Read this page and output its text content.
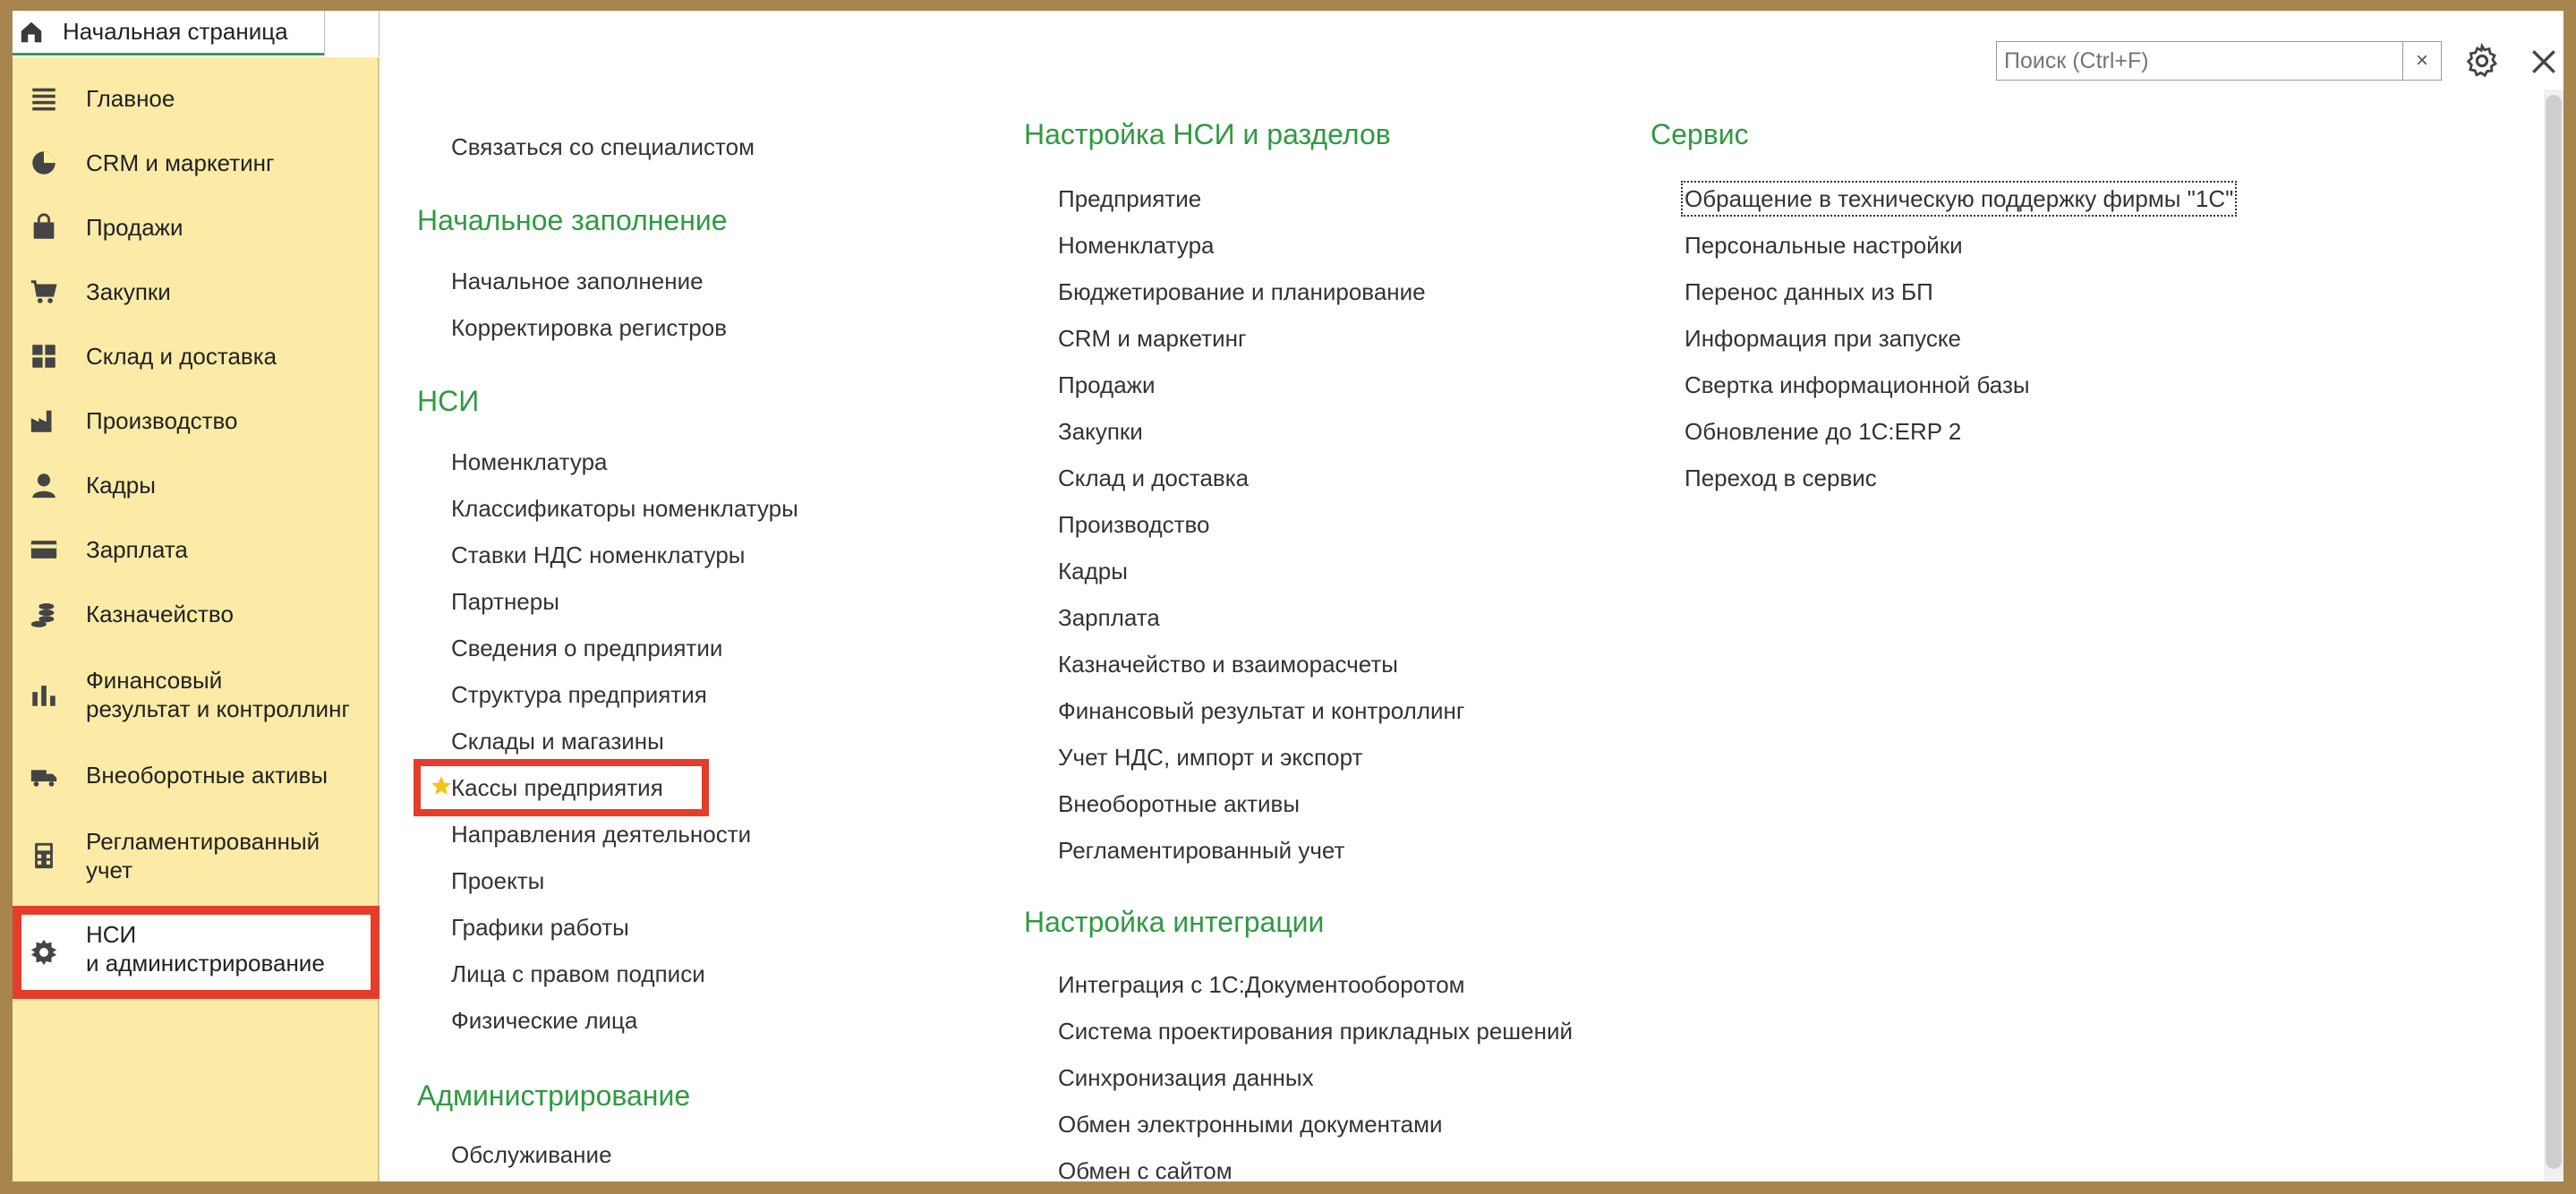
Начальная страница
Главное
CRM и маркетинг
Продажи
Закупки
Склад и доставка
Производство
Кадры
Зарплата
Казначейство
Финансовый
результат и контроллинг
Внеоборотные активы
Регламентированный
учет
НСИ
и администрирование
Поиск (Ctrl+F)
×
Связаться со специалистом
Начальное заполнение
Начальное заполнение
Корректировка регистров
НСИ
Номенклатура
Классификаторы номенклатуры
Ставки НДС номенклатуры
Партнеры
Сведения о предприятии
Структура предприятия
Склады и магазины
Кассы предприятия
Направления деятельности
Проекты
Графики работы
Лица с правом подписи
Физические лица
Администрирование
Обслуживание
Настройка НСИ и разделов
Предприятие
Номенклатура
Бюджетирование и планирование
CRM и маркетинг
Продажи
Закупки
Склад и доставка
Производство
Кадры
Зарплата
Казначейство и взаиморасчеты
Финансовый результат и контроллинг
Учет НДС, импорт и экспорт
Внеоборотные активы
Регламентированный учет
Настройка интеграции
Интеграция с 1С:Документооборотом
Система проектирования прикладных решений
Синхронизация данных
Обмен электронными документами
Обмен с сайтом
Сервис
Обращение в техническую поддержку фирмы "1С"
Персональные настройки
Перенос данных из БП
Информация при запуске
Свертка информационной базы
Обновление до 1С:ERP 2
Переход в сервис
